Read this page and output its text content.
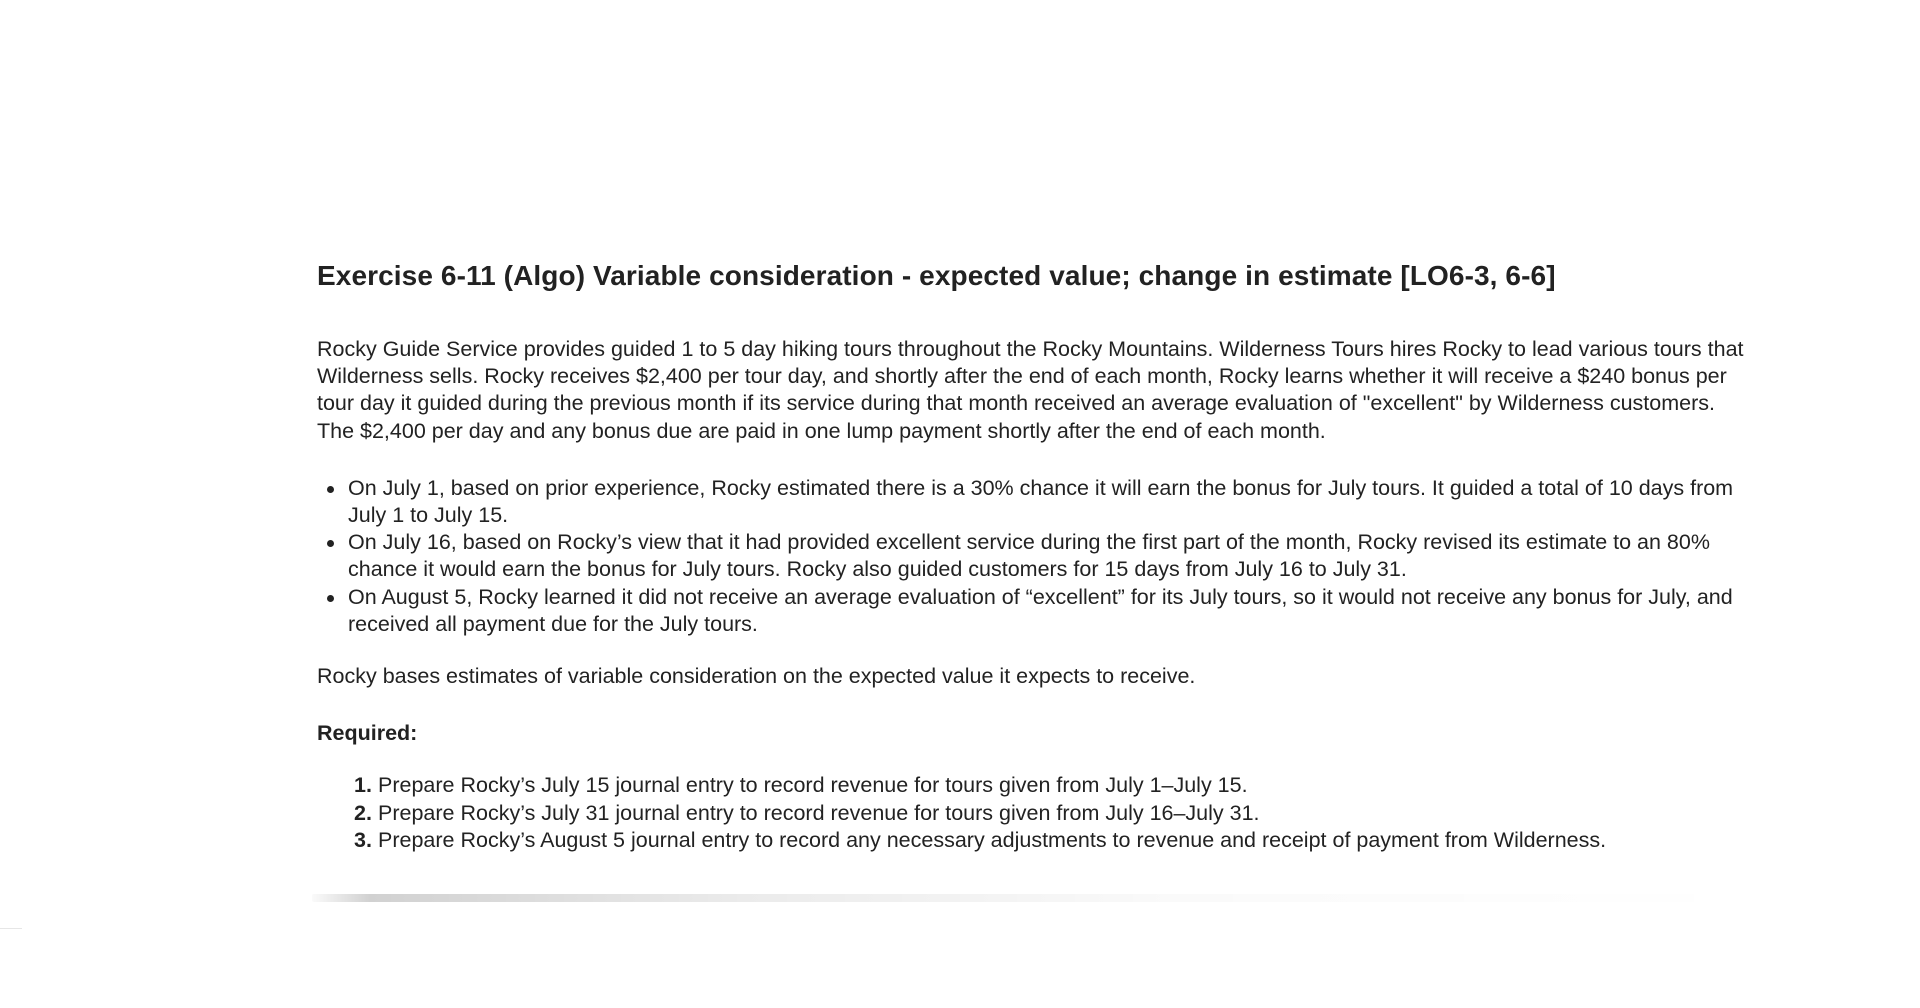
Exercise 6-11 (Algo) Variable consideration - expected value; change in estimate [LO6-3, 6-6]

Rocky Guide Service provides guided 1 to 5 day hiking tours throughout the Rocky Mountains. Wilderness Tours hires Rocky to lead various tours that Wilderness sells. Rocky receives $2,400 per tour day, and shortly after the end of each month, Rocky learns whether it will receive a $240 bonus per tour day it guided during the previous month if its service during that month received an average evaluation of "excellent" by Wilderness customers. The $2,400 per day and any bonus due are paid in one lump payment shortly after the end of each month.

On July 1, based on prior experience, Rocky estimated there is a 30% chance it will earn the bonus for July tours. It guided a total of 10 days from July 1 to July 15.
On July 16, based on Rocky’s view that it had provided excellent service during the first part of the month, Rocky revised its estimate to an 80% chance it would earn the bonus for July tours. Rocky also guided customers for 15 days from July 16 to July 31.
On August 5, Rocky learned it did not receive an average evaluation of “excellent” for its July tours, so it would not receive any bonus for July, and received all payment due for the July tours.

Rocky bases estimates of variable consideration on the expected value it expects to receive.

Required:

1. Prepare Rocky’s July 15 journal entry to record revenue for tours given from July 1–July 15.
2. Prepare Rocky’s July 31 journal entry to record revenue for tours given from July 16–July 31.
3. Prepare Rocky’s August 5 journal entry to record any necessary adjustments to revenue and receipt of payment from Wilderness.
